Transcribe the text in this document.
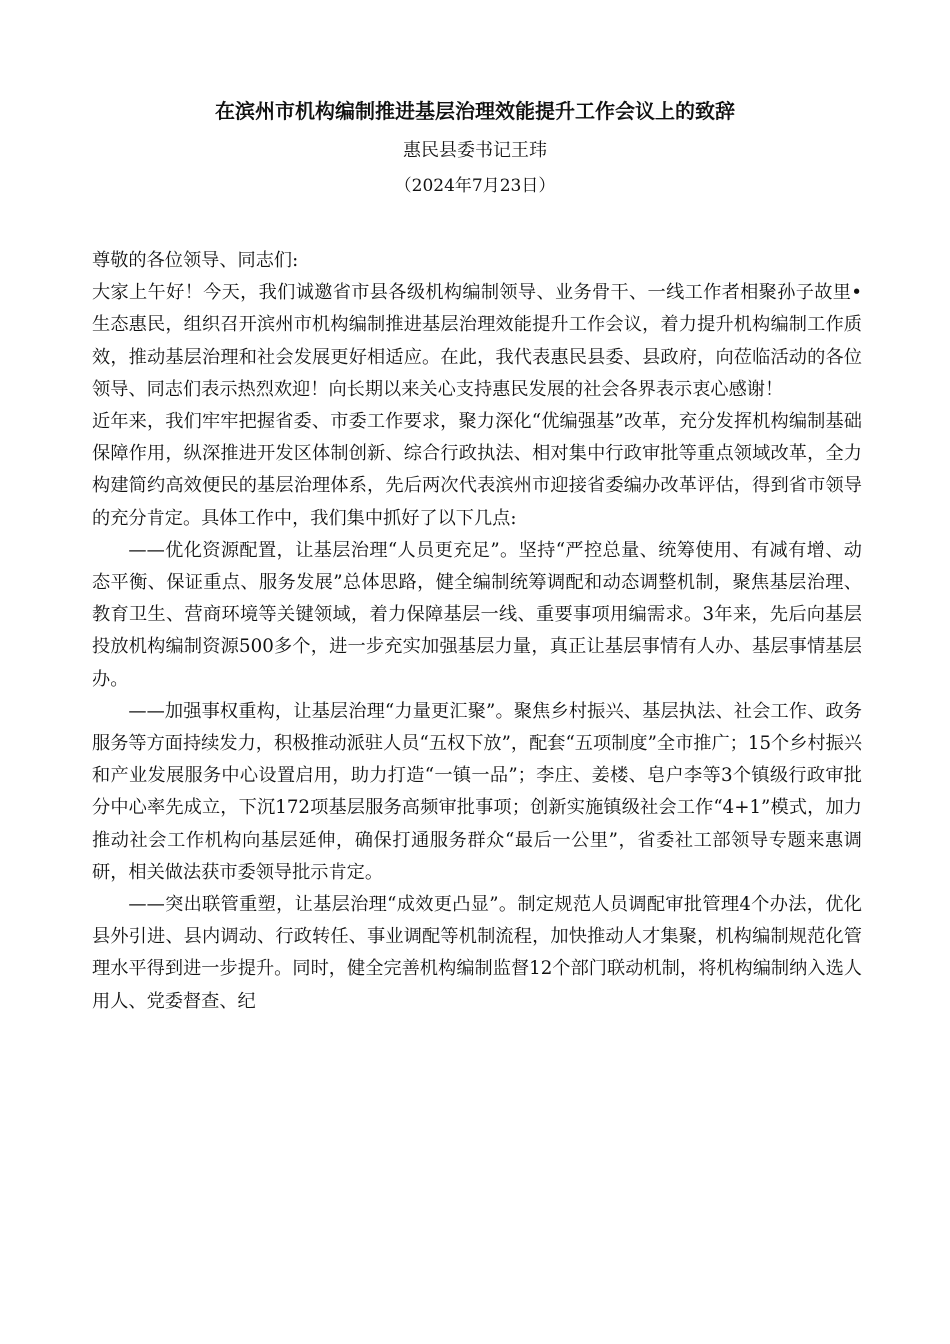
在滨州市机构编制推进基层治理效能提升工作会议上的致辞
惠民县委书记王玮
（2024年7月23日）

尊敬的各位领导、同志们:

大家上午好！今天，我们诚邀省市县各级机构编制领导、业务骨干、一线工作者相聚孙子故里•生态惠民，组织召开滨州市机构编制推进基层治理效能提升工作会议，着力提升机构编制工作质效，推动基层治理和社会发展更好相适应。在此，我代表惠民县委、县政府，向莅临活动的各位领导、同志们表示热烈欢迎！向长期以来关心支持惠民发展的社会各界表示衷心感谢！

近年来，我们牢牢把握省委、市委工作要求，聚力深化“优编强基”改革，充分发挥机构编制基础保障作用，纵深推进开发区体制创新、综合行政执法、相对集中行政审批等重点领域改革，全力构建简约高效便民的基层治理体系，先后两次代表滨州市迎接省委编办改革评估，得到省市领导的充分肯定。具体工作中，我们集中抓好了以下几点:

——优化资源配置，让基层治理“人员更充足”。坚持“严控总量、统筹使用、有减有增、动态平衡、保证重点、服务发展”总体思路，健全编制统筹调配和动态调整机制，聚焦基层治理、教育卫生、营商环境等关键领域，着力保障基层一线、重要事项用编需求。3年来，先后向基层投放机构编制资源500多个，进一步充实加强基层力量，真正让基层事情有人办、基层事情基层办。

——加强事权重构，让基层治理“力量更汇聚”。聚焦乡村振兴、基层执法、社会工作、政务服务等方面持续发力，积极推动派驻人员“五权下放”，配套“五项制度”全市推广；15个乡村振兴和产业发展服务中心设置启用，助力打造“一镇一品”；李庄、姜楼、皂户李等3个镇级行政审批分中心率先成立，下沉172项基层服务高频审批事项；创新实施镇级社会工作“4+1”模式，加力推动社会工作机构向基层延伸，确保打通服务群众“最后一公里”，省委社工部领导专题来惠调研，相关做法获市委领导批示肯定。

——突出联管重塑，让基层治理“成效更凸显”。制定规范人员调配审批管理4个办法，优化县外引进、县内调动、行政转任、事业调配等机制流程，加快推动人才集聚，机构编制规范化管理水平得到进一步提升。同时，健全完善机构编制监督12个部门联动机制，将机构编制纳入选人用人、党委督查、纪
